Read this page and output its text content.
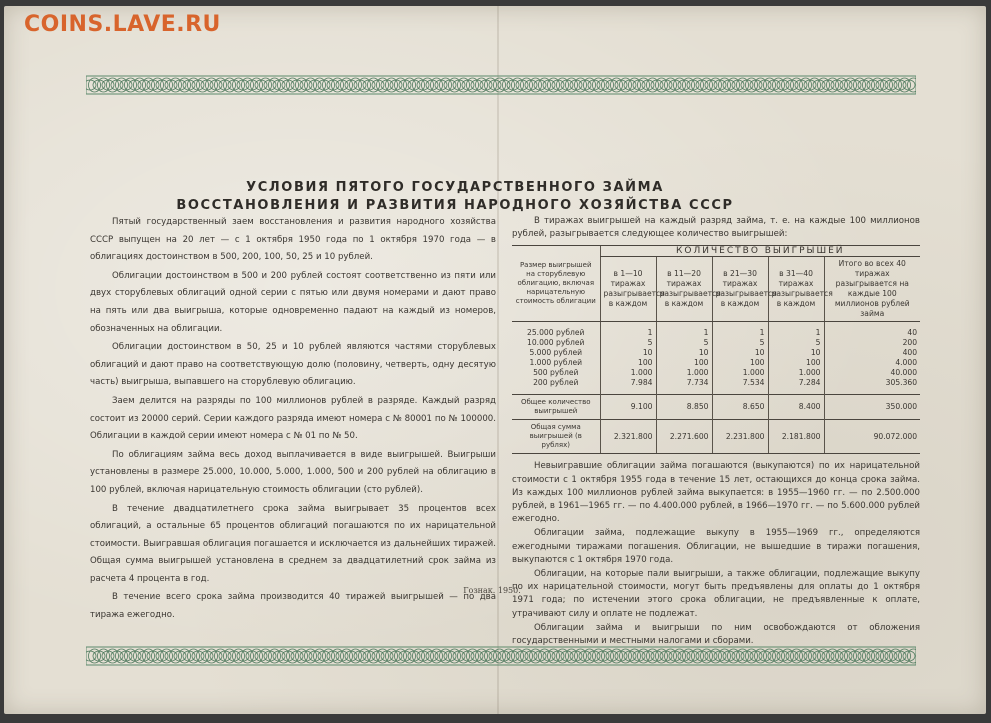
УСЛОВИЯ ПЯТОГО ГОСУДАРСТВЕННОГО ЗАЙМА
ВОССТАНОВЛЕНИЯ И РАЗВИТИЯ НАРОДНОГО ХОЗЯЙСТВА СССР

Пятый государственный заем восстановления и развития народного хозяйства СССР выпущен на 20 лет — с 1 октября 1950 года по 1 октября 1970 года — в облигациях достоинством в 500, 200, 100, 50, 25 и 10 рублей.

Облигации достоинством в 500 и 200 рублей состоят соответственно из пяти или двух сторублевых облигаций одной серии с пятью или двумя номерами и дают право на пять или два выигрыша, которые одновременно падают на каждый из номеров, обозначенных на облигации.

Облигации достоинством в 50, 25 и 10 рублей являются частями сторублевых облигаций и дают право на соответствующую долю (половину, четверть, одну десятую часть) выигрыша, выпавшего на сторублевую облигацию.

Заем делится на разряды по 100 миллионов рублей в разряде. Каждый разряд состоит из 20000 серий. Серии каждого разряда имеют номера с № 80001 по № 100000. Облигации в каждой серии имеют номера с № 01 по № 50.

По облигациям займа весь доход выплачивается в виде выигрышей. Выигрыши установлены в размере 25.000, 10.000, 5.000, 1.000, 500 и 200 рублей на облигацию в 100 рублей, включая нарицательную стоимость облигации (сто рублей).

В течение двадцатилетнего срока займа выигрывает 35 процентов всех облигаций, а остальные 65 процентов облигаций погашаются по их нарицательной стоимости. Выигравшая облигация погашается и исключается из дальнейших тиражей. Общая сумма выигрышей установлена в среднем за двадцатилетний срок займа из расчета 4 процента в год.

В течение всего срока займа производится 40 тиражей выигрышей — по два тиража ежегодно.

В тиражах выигрышей на каждый разряд займа, т. е. на каждые 100 миллионов рублей, разыгрывается следующее количество выигрышей:

Размер выигрышей на сторублевую облигацию, включая нарицательную стоимость облигации	КОЛИЧЕСТВО ВЫИГРЫШЕЙ				
	в 1—10 тиражах разыгрывается в каждом	в 11—20 тиражах разыгрывается в каждом	в 21—30 тиражах разыгрывается в каждом	в 31—40 тиражах разыгрывается в каждом	Итого во всех 40 тиражах разыгрывается на каждые 100 миллионов рублей займа

25.000 рублей	1	1	1	1	40
10.000 рублей	5	5	5	5	200
5.000 рублей	10	10	10	10	400
1.000 рублей	100	100	100	100	4.000
500 рублей	1.000	1.000	1.000	1.000	40.000
200 рублей	7.984	7.734	7.534	7.284	305.360

Общее количество выигрышей	9.100	8.850	8.650	8.400	350.000
Общая сумма выигрышей (в рублях)	2.321.800	2.271.600	2.231.800	2.181.800	90.072.000

Невыигравшие облигации займа погашаются (выкупаются) по их нарицательной стоимости с 1 октября 1955 года в течение 15 лет, остающихся до конца срока займа. Из каждых 100 миллионов рублей займа выкупается: в 1955—1960 гг. — по 2.500.000 рублей, в 1961—1965 гг. — по 4.400.000 рублей, в 1966—1970 гг. — по 5.600.000 рублей ежегодно.

Облигации займа, подлежащие выкупу в 1955—1969 гг., определяются ежегодными тиражами погашения. Облигации, не вышедшие в тиражи погашения, выкупаются с 1 октября 1970 года.

Облигации, на которые пали выигрыши, а также облигации, подлежащие выкупу по их нарицательной стоимости, могут быть предъявлены для оплаты до 1 октября 1971 года; по истечении этого срока облигации, не предъявленные к оплате, утрачивают силу и оплате не подлежат.

Облигации займа и выигрыши по ним освобождаются от обложения государственными и местными налогами и сборами.

Гознак. 1950.
COINS.LAVE.RU
